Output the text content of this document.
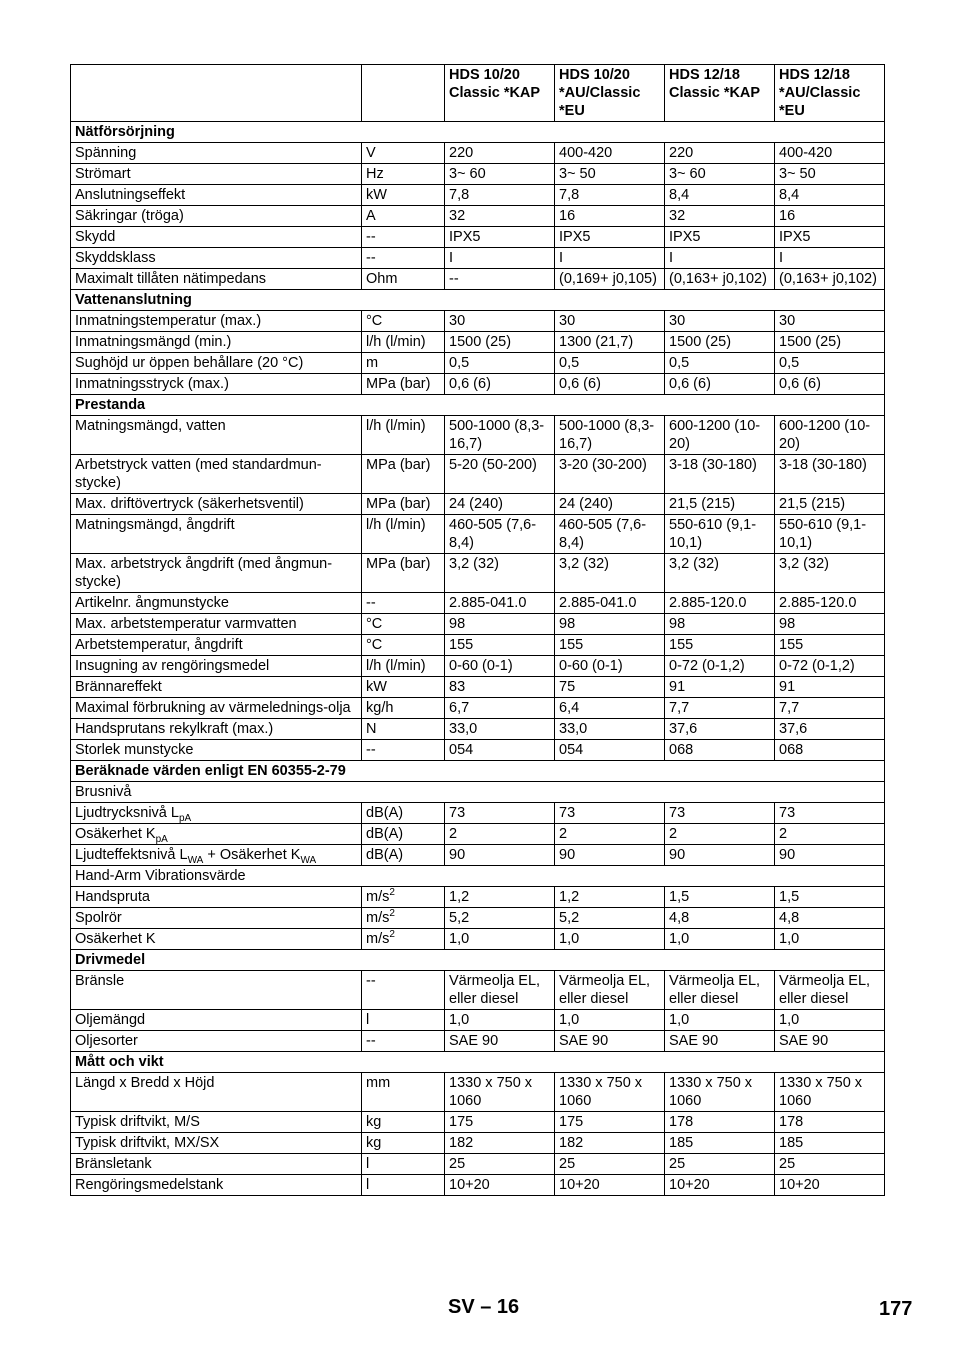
		HDS 10/20 Classic *KAP	HDS 10/20 *AU/Classic *EU	HDS 12/18 Classic *KAP	HDS 12/18 *AU/Classic *EU
Nätförsörjning					
Spänning	V	220	400-420	220	400-420
Strömart	Hz	3~ 60	3~ 50	3~ 60	3~ 50
Anslutningseffekt	kW	7,8	7,8	8,4	8,4
Säkringar (tröga)	A	32	16	32	16
Skydd	--	IPX5	IPX5	IPX5	IPX5
Skyddsklass	--	I	I	I	I
Maximalt tillåten nätimpedans	Ohm	--	(0,169+ j0,105)	(0,163+ j0,102)	(0,163+ j0,102)
Vattenanslutning					
Inmatningstemperatur (max.)	°C	30	30	30	30
Inmatningsmängd (min.)	l/h (l/min)	1500 (25)	1300 (21,7)	1500 (25)	1500 (25)
Sughöjd ur öppen behållare (20 °C)	m	0,5	0,5	0,5	0,5
Inmatningsstryck (max.)	MPa (bar)	0,6 (6)	0,6 (6)	0,6 (6)	0,6 (6)
Prestanda					
Matningsmängd, vatten	l/h (l/min)	500-1000 (8,3-16,7)	500-1000 (8,3-16,7)	600-1200 (10-20)	600-1200 (10-20)
Arbetstryck vatten (med standardmun-stycke)	MPa (bar)	5-20 (50-200)	3-20 (30-200)	3-18 (30-180)	3-18 (30-180)
Max. driftövertryck (säkerhetsventil)	MPa (bar)	24 (240)	24 (240)	21,5 (215)	21,5 (215)
Matningsmängd, ångdrift	l/h (l/min)	460-505 (7,6-8,4)	460-505 (7,6-8,4)	550-610 (9,1-10,1)	550-610 (9,1-10,1)
Max. arbetstryck ångdrift (med ångmun-stycke)	MPa (bar)	3,2 (32)	3,2 (32)	3,2 (32)	3,2 (32)
Artikelnr. ångmunstycke	--	2.885-041.0	2.885-041.0	2.885-120.0	2.885-120.0
Max. arbetstemperatur varmvatten	°C	98	98	98	98
Arbetstemperatur, ångdrift	°C	155	155	155	155
Insugning av rengöringsmedel	l/h (l/min)	0-60 (0-1)	0-60 (0-1)	0-72 (0-1,2)	0-72 (0-1,2)
Brännareffekt	kW	83	75	91	91
Maximal förbrukning av värmelednings-olja	kg/h	6,7	6,4	7,7	7,7
Handsprutans rekylkraft (max.)	N	33,0	33,0	37,6	37,6
Storlek munstycke	--	054	054	068	068
Beräknade värden enligt EN 60355-2-79					
Brusnivå					
Ljudtrycksnivå $L_{pA}$	dB(A)	73	73	73	73
Osäkerhet $K_{pA}$	dB(A)	2	2	2	2
Ljudteffektsnivå $L_{WA}$ + Osäkerhet $K_{WA}$	dB(A)	90	90	90	90
Hand-Arm Vibrationsvärde					
Handspruta	$m/s^2$	1,2	1,2	1,5	1,5
Spolrör	$m/s^2$	5,2	5,2	4,8	4,8
Osäkerhet K	$m/s^2$	1,0	1,0	1,0	1,0
Drivmedel					
Bränsle	--	Värmeolja EL, eller diesel	Värmeolja EL, eller diesel	Värmeolja EL, eller diesel	Värmeolja EL, eller diesel
Oljemängd	l	1,0	1,0	1,0	1,0
Oljesorter	--	SAE 90	SAE 90	SAE 90	SAE 90
Mått och vikt					
Längd x Bredd x Höjd	mm	1330 x 750 x 1060	1330 x 750 x 1060	1330 x 750 x 1060	1330 x 750 x 1060
Typisk driftvikt, M/S	kg	175	175	178	178
Typisk driftvikt, MX/SX	kg	182	182	185	185
Bränsletank	l	25	25	25	25
Rengöringsmedelstank	l	10+20	10+20	10+20	10+20
SV – 16	177
